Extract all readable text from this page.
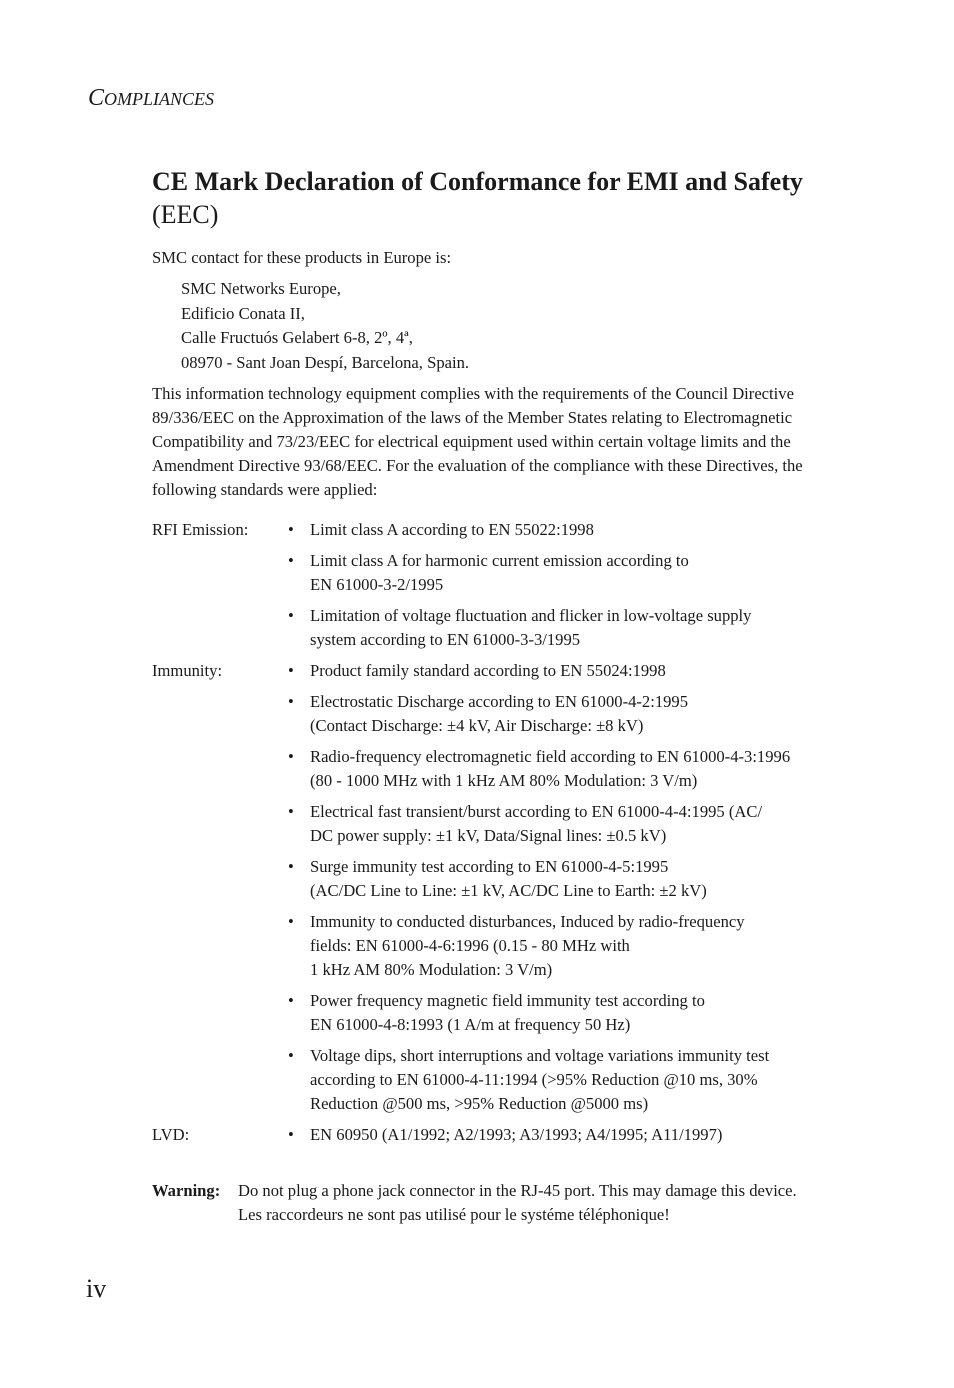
COMPLIANCES
CE Mark Declaration of Conformance for EMI and Safety (EEC)

SMC contact for these products in Europe is:

SMC Networks Europe,
Edificio Conata II,
Calle Fructuós Gelabert 6-8, 2º, 4ª,
08970 - Sant Joan Despí, Barcelona, Spain.

This information technology equipment complies with the requirements of the Council Directive 89/336/EEC on the Approximation of the laws of the Member States relating to Electromagnetic Compatibility and 73/23/EEC for electrical equipment used within certain voltage limits and the Amendment Directive 93/68/EEC. For the evaluation of the compliance with these Directives, the following standards were applied:

RFI Emission: • Limit class A according to EN 55022:1998
• Limit class A for harmonic current emission according to
EN 61000-3-2/1995
• Limitation of voltage fluctuation and flicker in low-voltage supply
system according to EN 61000-3-3/1995
Immunity:	• Product family standard according to EN 55024:1998
• Electrostatic Discharge according to EN 61000-4-2:1995
(Contact Discharge: ±4 kV, Air Discharge: ±8 kV)
• Radio-frequency electromagnetic field according to EN 61000-4-3:1996
(80 - 1000 MHz with 1 kHz AM 80% Modulation: 3 V/m)
• Electrical fast transient/burst according to EN 61000-4-4:1995 (AC/
DC power supply: ±1 kV, Data/Signal lines: ±0.5 kV)
• Surge immunity test according to EN 61000-4-5:1995
(AC/DC Line to Line: ±1 kV, AC/DC Line to Earth: ±2 kV)
• Immunity to conducted disturbances, Induced by radio-frequency
fields: EN 61000-4-6:1996 (0.15 - 80 MHz with
1 kHz AM 80% Modulation: 3 V/m)
• Power frequency magnetic field immunity test according to
EN 61000-4-8:1993 (1 A/m at frequency 50 Hz)
• Voltage dips, short interruptions and voltage variations immunity test
according to EN 61000-4-11:1994 (>95% Reduction @10 ms, 30%
Reduction @500 ms, >95% Reduction @5000 ms)
LVD:	• EN 60950 (A1/1992; A2/1993; A3/1993; A4/1995; A11/1997)
Warning: Do not plug a phone jack connector in the RJ-45 port. This may damage this device.
Les raccordeurs ne sont pas utilisé pour le systéme téléphonique!
iv
